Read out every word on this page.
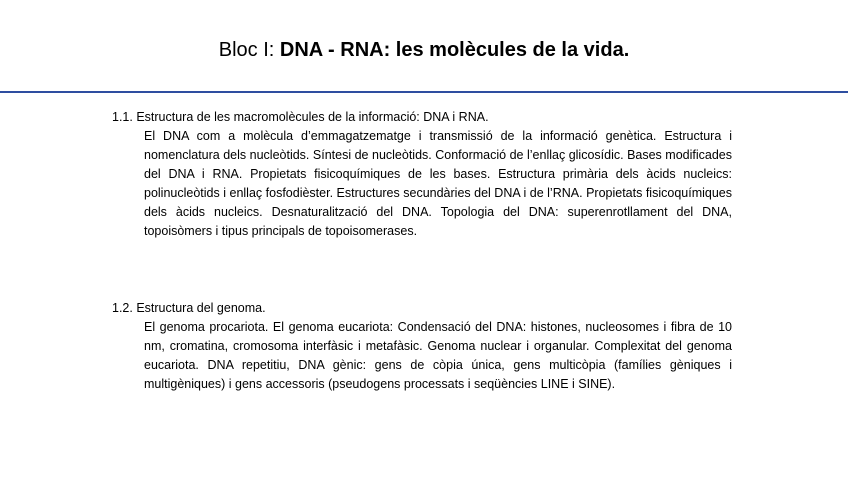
Bloc I: DNA - RNA: les molècules de la vida.
1.1. Estructura de les macromolècules de la informació: DNA i RNA.
El DNA com a molècula d’emmagatzematge i transmissió de la informació genètica. Estructura i nomenclatura dels nucleòtids. Síntesi de nucleòtids. Conformació de l’enllaç glicosídic. Bases modificades del DNA i RNA. Propietats fisicoquímiques de les bases. Estructura primària dels àcids nucleics: polinucleòtids i enllaç fosfodièster. Estructures secundàries del DNA i de l’RNA. Propietats fisicoquímiques dels àcids nucleics. Desnaturalització del DNA. Topologia del DNA: superenrotllament del DNA, topoisòmers i tipus principals de topoisomerases.
1.2. Estructura del genoma.
El genoma procariota. El genoma eucariota: Condensació del DNA: histones, nucleosomes i fibra de 10 nm, cromatina, cromosoma interfàsic i metafàsic. Genoma nuclear i organular. Complexitat del genoma eucariota. DNA repetitiu, DNA gènic: gens de còpia única, gens multicòpia (famílies gèniques i multigèniques) i gens accessoris (pseudogens processats i seqüències LINE i SINE).
